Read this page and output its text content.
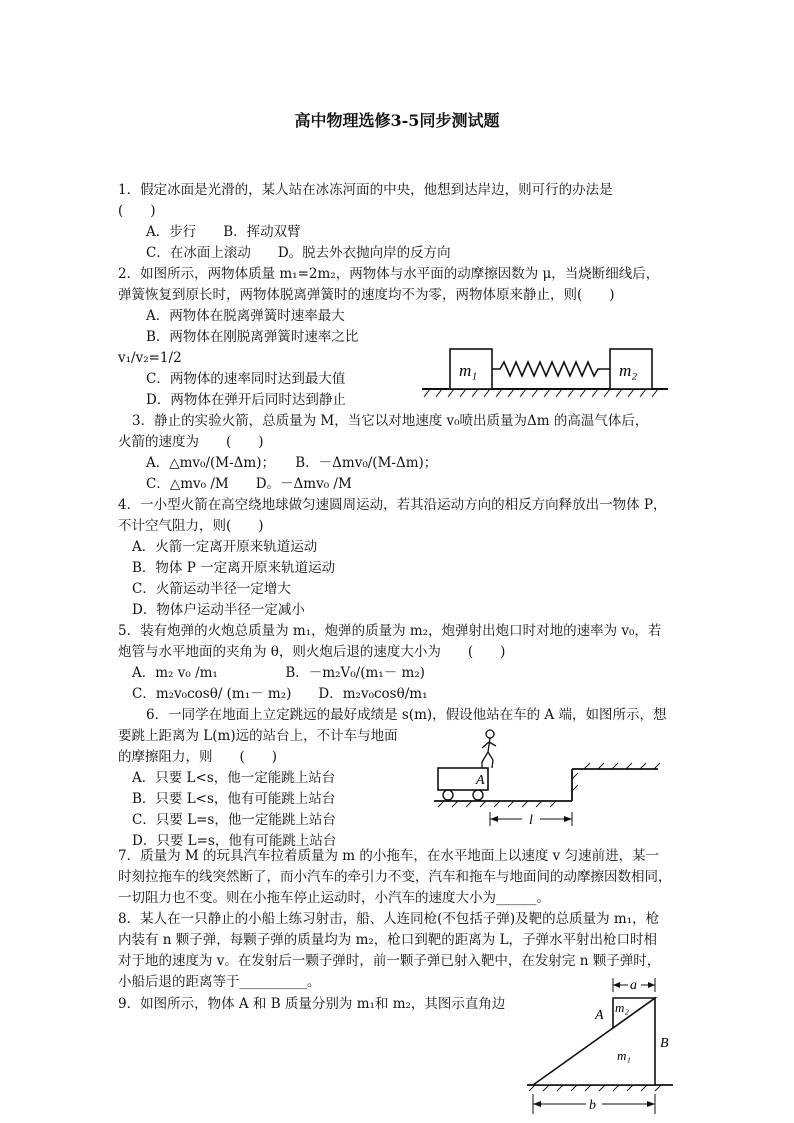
高中物理选修3-5同步测试题
1．假定冰面是光滑的，某人站在冰冻河面的中央，他想到达岸边，则可行的办法是
(　　)
A．步行　　B．挥动双臂
C．在冰面上滚动　　D。脱去外衣抛向岸的反方向
2．如图所示，两物体质量 m₁=2m₂，两物体与水平面的动摩擦因数为 μ，当烧断细线后，
弹簧恢复到原长时，两物体脱离弹簧时的速度均不为零，两物体原来静止，则(　　)
A．两物体在脱离弹簧时速率最大
B．两物体在刚脱离弹簧时速率之比
v₁/v₂=1/2
C．两物体的速率同时达到最大值
D．两物体在弹开后同时达到静止
m₁	m₂
3．静止的实验火箭，总质量为 M，当它以对地速度 v₀喷出质量为Δm 的高温气体后，
火箭的速度为　　(　　)
A．△mv₀/(M-Δm)；　　B．－Δmv₀/(M-Δm)；
C．△mv₀ /M　　D。－Δmv₀ /M
4．一小型火箭在高空绕地球做匀速圆周运动，若其沿运动方向的相反方向释放出一物体 P，
不计空气阻力，则(　　)
A．火箭一定离开原来轨道运动
B．物体 P 一定离开原来轨道运动
C．火箭运动半径一定增大
D．物体户运动半径一定减小
5．装有炮弹的火炮总质量为 m₁，炮弹的质量为 m₂，炮弹射出炮口时对地的速率为 v₀，若
炮管与水平地面的夹角为 θ，则火炮后退的速度大小为　　(　　)
A．m₂ v₀ /m₁　　　　　B．－m₂V₀/(m₁－ m₂)
C．m₂v₀cosθ/ (m₁－ m₂)　　D．m₂v₀cosθ/m₁
6．一同学在地面上立定跳远的最好成绩是 s(m)，假设他站在车的 A 端，如图所示，想
要跳上距离为 L(m)远的站台上，不计车与地面
的摩擦阻力，则　　(　　)
A．只要 L<s，他一定能跳上站台
B．只要 L<s，他有可能跳上站台
C．只要 L=s，他一定能跳上站台
D．只要 L=s，他有可能跳上站台
A
l
7．质量为 M 的玩具汽车拉着质量为 m 的小拖车，在水平地面上以速度 v 匀速前进，某一
时刻拉拖车的线突然断了，而小汽车的牵引力不变，汽车和拖车与地面间的动摩擦因数相同，
一切阻力也不变。则在小拖车停止运动时，小汽车的速度大小为______。
8．某人在一只静止的小船上练习射击，船、人连同枪(不包括子弹)及靶的总质量为 m₁，枪
内装有 n 颗子弹，每颗子弹的质量均为 m₂，枪口到靶的距离为 L，子弹水平射出枪口时相
对于地的速度为 v。在发射后一颗子弹时，前一颗子弹已射入靶中，在发射完 n 颗子弹时，
小船后退的距离等于__________。
9．如图所示，物体 A 和 B 质量分别为 m₁和 m₂，其图示直角边
a
A
m₂
B
m₁
b
